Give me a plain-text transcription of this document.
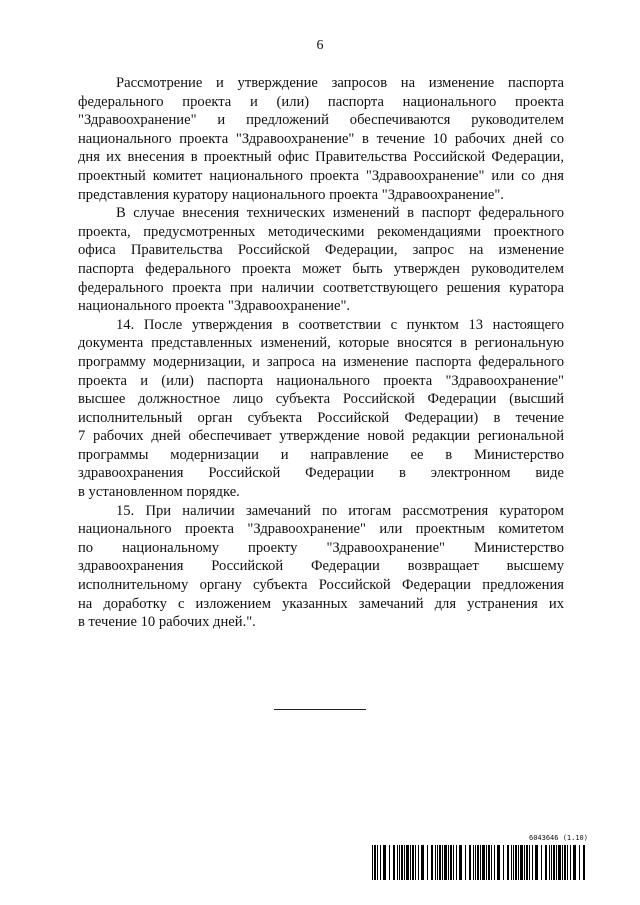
6
Рассмотрение и утверждение запросов на изменение паспорта
федерального проекта и (или) паспорта национального проекта
"Здравоохранение" и предложений обеспечиваются руководителем
национального проекта "Здравоохранение" в течение 10 рабочих дней со
дня их внесения в проектный офис Правительства Российской Федерации,
проектный комитет национального проекта "Здравоохранение" или со дня
представления куратору национального проекта "Здравоохранение".
В случае внесения технических изменений в паспорт федерального
проекта, предусмотренных методическими рекомендациями проектного
офиса Правительства Российской Федерации, запрос на изменение
паспорта федерального проекта может быть утвержден руководителем
федерального проекта при наличии соответствующего решения куратора
национального проекта "Здравоохранение".
14. После утверждения в соответствии с пунктом 13 настоящего
документа представленных изменений, которые вносятся в региональную
программу модернизации, и запроса на изменение паспорта федерального
проекта и (или) паспорта национального проекта "Здравоохранение"
высшее должностное лицо субъекта Российской Федерации (высший
исполнительный орган субъекта Российской Федерации) в течение
7 рабочих дней обеспечивает утверждение новой редакции региональной
программы модернизации и направление ее в Министерство
здравоохранения Российской Федерации в электронном виде
в установленном порядке.
15. При наличии замечаний по итогам рассмотрения куратором
национального проекта "Здравоохранение" или проектным комитетом
по национальному проекту "Здравоохранение" Министерство
здравоохранения Российской Федерации возвращает высшему
исполнительному органу субъекта Российской Федерации предложения
на доработку с изложением указанных замечаний для устранения их
в течение 10 рабочих дней.".
6043646 (1.10)
